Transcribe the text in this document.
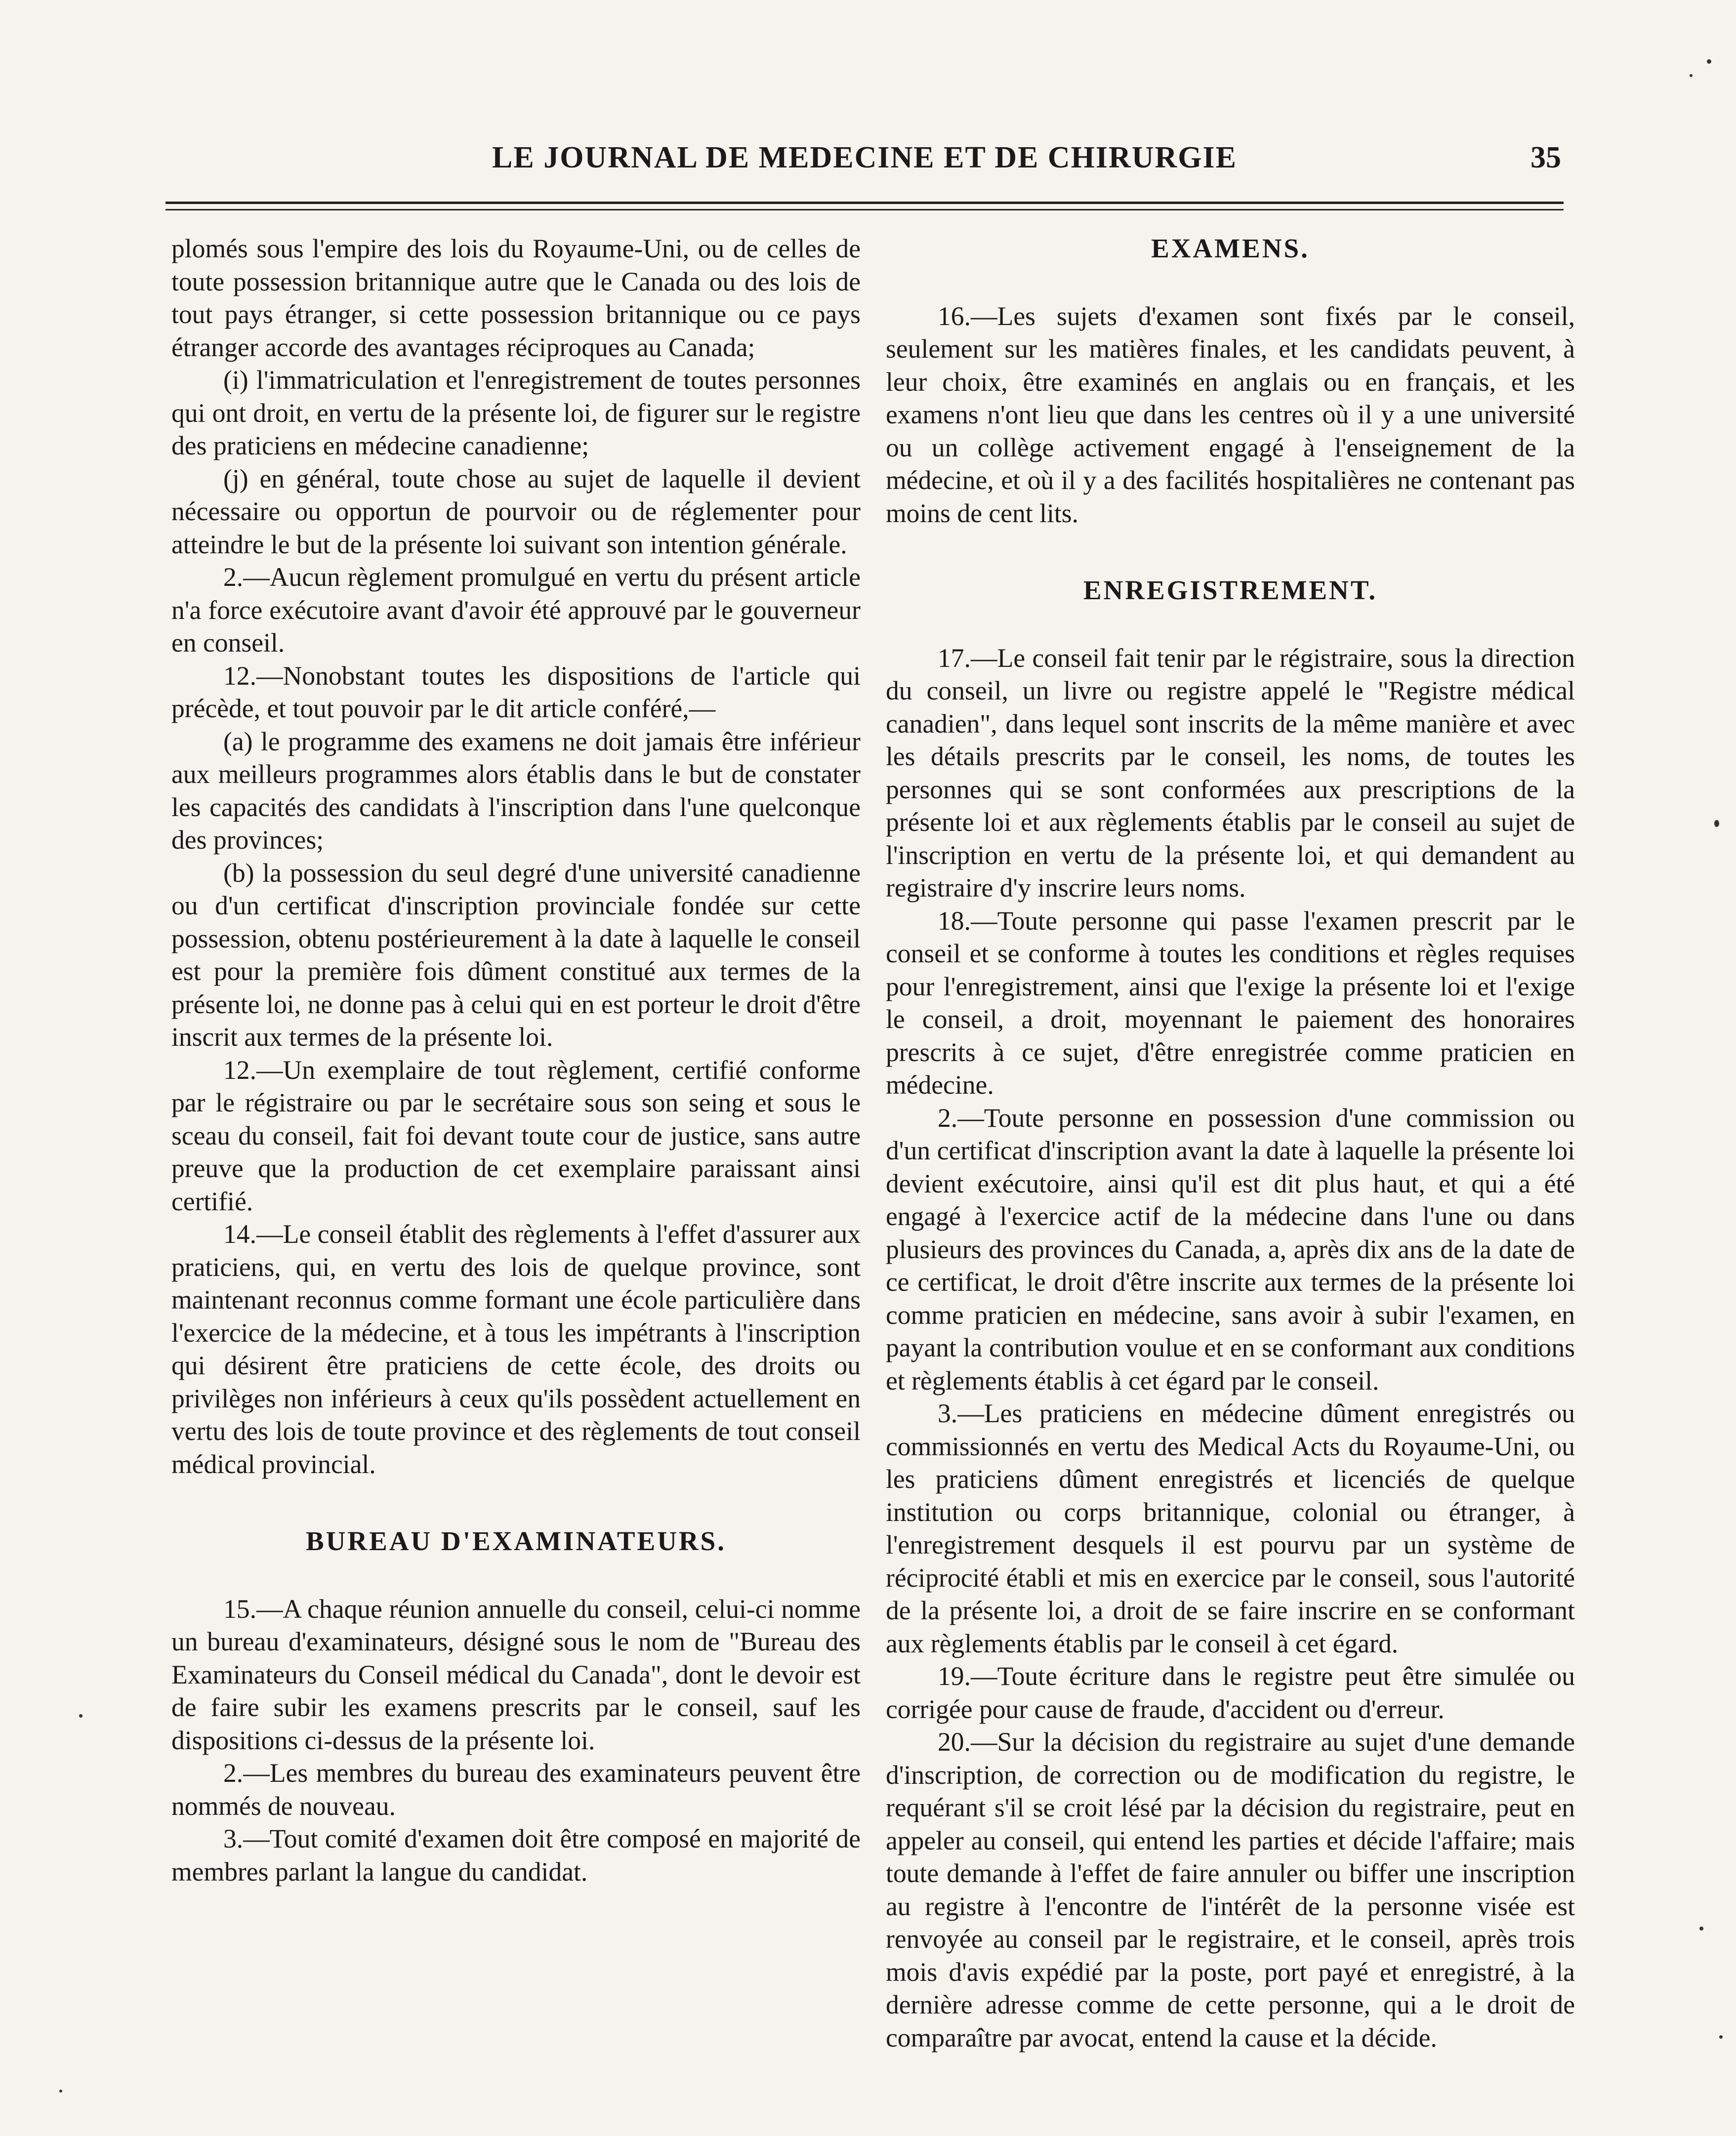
LE JOURNAL DE MEDECINE ET DE CHIRURGIE	35

plomés sous l'empire des lois du Royaume-Uni, ou de celles de toute possession britannique autre que le Canada ou des lois de tout pays étranger, si cette possession britannique ou ce pays étranger accorde des avantages réciproques au Canada;

(i) l'immatriculation et l'enregistrement de toutes personnes qui ont droit, en vertu de la présente loi, de figurer sur le registre des praticiens en médecine canadienne;

(j) en général, toute chose au sujet de laquelle il devient nécessaire ou opportun de pourvoir ou de réglementer pour atteindre le but de la présente loi suivant son intention générale.

2.—Aucun règlement promulgué en vertu du présent article n'a force exécutoire avant d'avoir été approuvé par le gouverneur en conseil.

12.—Nonobstant toutes les dispositions de l'article qui précède, et tout pouvoir par le dit article conféré,—

(a) le programme des examens ne doit jamais être inférieur aux meilleurs programmes alors établis dans le but de constater les capacités des candidats à l'inscription dans l'une quelconque des provinces;

(b) la possession du seul degré d'une université canadienne ou d'un certificat d'inscription provinciale fondée sur cette possession, obtenu postérieurement à la date à laquelle le conseil est pour la première fois dûment constitué aux termes de la présente loi, ne donne pas à celui qui en est porteur le droit d'être inscrit aux termes de la présente loi.

12.—Un exemplaire de tout règlement, certifié conforme par le régistraire ou par le secrétaire sous son seing et sous le sceau du conseil, fait foi devant toute cour de justice, sans autre preuve que la production de cet exemplaire paraissant ainsi certifié.

14.—Le conseil établit des règlements à l'effet d'assurer aux praticiens, qui, en vertu des lois de quelque province, sont maintenant reconnus comme formant une école particulière dans l'exercice de la médecine, et à tous les impétrants à l'inscription qui désirent être praticiens de cette école, des droits ou privilèges non inférieurs à ceux qu'ils possèdent actuellement en vertu des lois de toute province et des règlements de tout conseil médical provincial.

BUREAU D'EXAMINATEURS.

15.—A chaque réunion annuelle du conseil, celui-ci nomme un bureau d'examinateurs, désigné sous le nom de "Bureau des Examinateurs du Conseil médical du Canada", dont le devoir est de faire subir les examens prescrits par le conseil, sauf les dispositions ci-dessus de la présente loi.

2.—Les membres du bureau des examinateurs peuvent être nommés de nouveau.

3.—Tout comité d'examen doit être composé en majorité de membres parlant la langue du candidat.

EXAMENS.

16.—Les sujets d'examen sont fixés par le conseil, seulement sur les matières finales, et les candidats peuvent, à leur choix, être examinés en anglais ou en français, et les examens n'ont lieu que dans les centres où il y a une université ou un collège activement engagé à l'enseignement de la médecine, et où il y a des facilités hospitalières ne contenant pas moins de cent lits.

ENREGISTREMENT.

17.—Le conseil fait tenir par le régistraire, sous la direction du conseil, un livre ou registre appelé le "Registre médical canadien", dans lequel sont inscrits de la même manière et avec les détails prescrits par le conseil, les noms, de toutes les personnes qui se sont conformées aux prescriptions de la présente loi et aux règlements établis par le conseil au sujet de l'inscription en vertu de la présente loi, et qui demandent au registraire d'y inscrire leurs noms.

18.—Toute personne qui passe l'examen prescrit par le conseil et se conforme à toutes les conditions et règles requises pour l'enregistrement, ainsi que l'exige la présente loi et l'exige le conseil, a droit, moyennant le paiement des honoraires prescrits à ce sujet, d'être enregistrée comme praticien en médecine.

2.—Toute personne en possession d'une commission ou d'un certificat d'inscription avant la date à laquelle la présente loi devient exécutoire, ainsi qu'il est dit plus haut, et qui a été engagé à l'exercice actif de la médecine dans l'une ou dans plusieurs des provinces du Canada, a, après dix ans de la date de ce certificat, le droit d'être inscrite aux termes de la présente loi comme praticien en médecine, sans avoir à subir l'examen, en payant la contribution voulue et en se conformant aux conditions et règlements établis à cet égard par le conseil.

3.—Les praticiens en médecine dûment enregistrés ou commissionnés en vertu des Medical Acts du Royaume-Uni, ou les praticiens dûment enregistrés et licenciés de quelque institution ou corps britannique, colonial ou étranger, à l'enregistrement desquels il est pourvu par un système de réciprocité établi et mis en exercice par le conseil, sous l'autorité de la présente loi, a droit de se faire inscrire en se conformant aux règlements établis par le conseil à cet égard.

19.—Toute écriture dans le registre peut être simulée ou corrigée pour cause de fraude, d'accident ou d'erreur.

20.—Sur la décision du registraire au sujet d'une demande d'inscription, de correction ou de modification du registre, le requérant s'il se croit lésé par la décision du registraire, peut en appeler au conseil, qui entend les parties et décide l'affaire; mais toute demande à l'effet de faire annuler ou biffer une inscription au registre à l'encontre de l'intérêt de la personne visée est renvoyée au conseil par le registraire, et le conseil, après trois mois d'avis expédié par la poste, port payé et enregistré, à la dernière adresse comme de cette personne, qui a le droit de comparaître par avocat, entend la cause et la décide.
